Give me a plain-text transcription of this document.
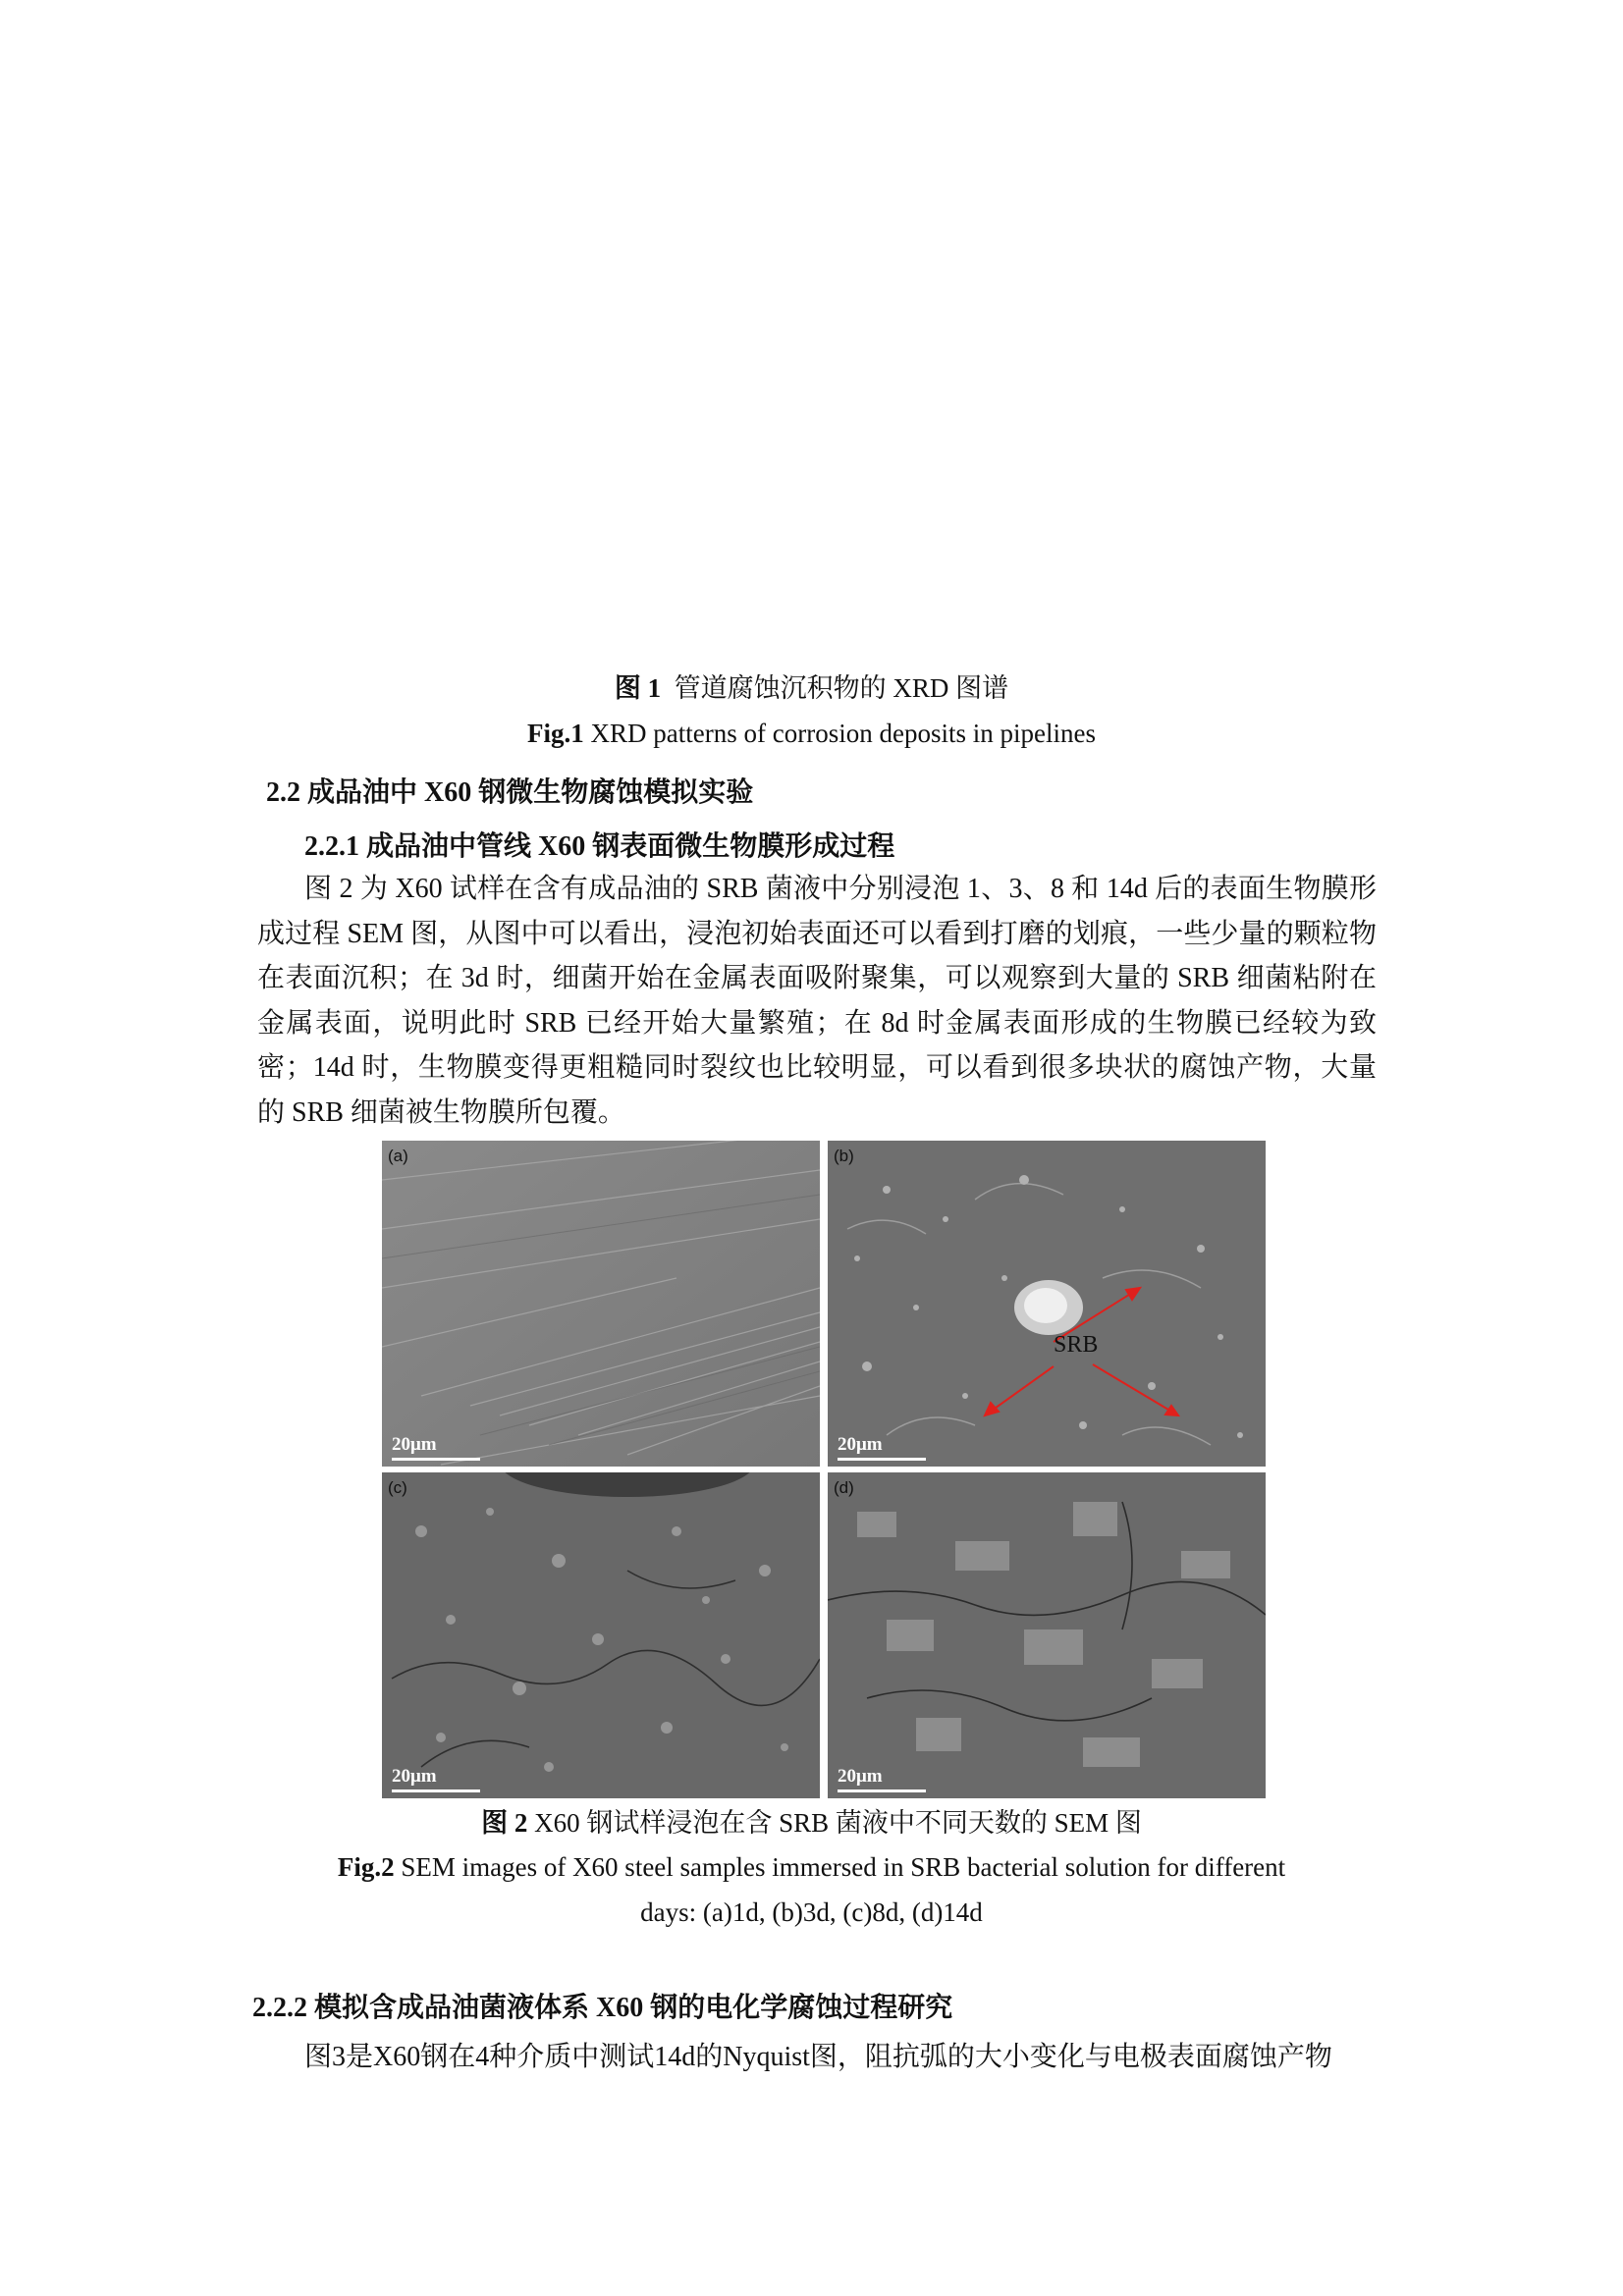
图 1 管道腐蚀沉积物的 XRD 图谱
Fig.1 XRD patterns of corrosion deposits in pipelines
2.2 成品油中 X60 钢微生物腐蚀模拟实验
2.2.1 成品油中管线 X60 钢表面微生物膜形成过程
图 2 为 X60 试样在含有成品油的 SRB 菌液中分别浸泡 1、3、8 和 14d 后的表面生物膜形成过程 SEM 图，从图中可以看出，浸泡初始表面还可以看到打磨的划痕，一些少量的颗粒物在表面沉积；在 3d 时，细菌开始在金属表面吸附聚集，可以观察到大量的 SRB 细菌粘附在金属表面，说明此时 SRB 已经开始大量繁殖；在 8d 时金属表面形成的生物膜已经较为致密；14d 时，生物膜变得更粗糙同时裂纹也比较明显，可以看到很多块状的腐蚀产物，大量的 SRB 细菌被生物膜所包覆。
(a)
20μm
(b)
SRB
20μm
(c)
20μm
(d)
20μm
图 2 X60 钢试样浸泡在含 SRB 菌液中不同天数的 SEM 图
Fig.2 SEM images of X60 steel samples immersed in SRB bacterial solution for different
days: (a)1d, (b)3d, (c)8d, (d)14d
2.2.2 模拟含成品油菌液体系 X60 钢的电化学腐蚀过程研究
图3是X60钢在4种介质中测试14d的Nyquist图，阻抗弧的大小变化与电极表面腐蚀产物
